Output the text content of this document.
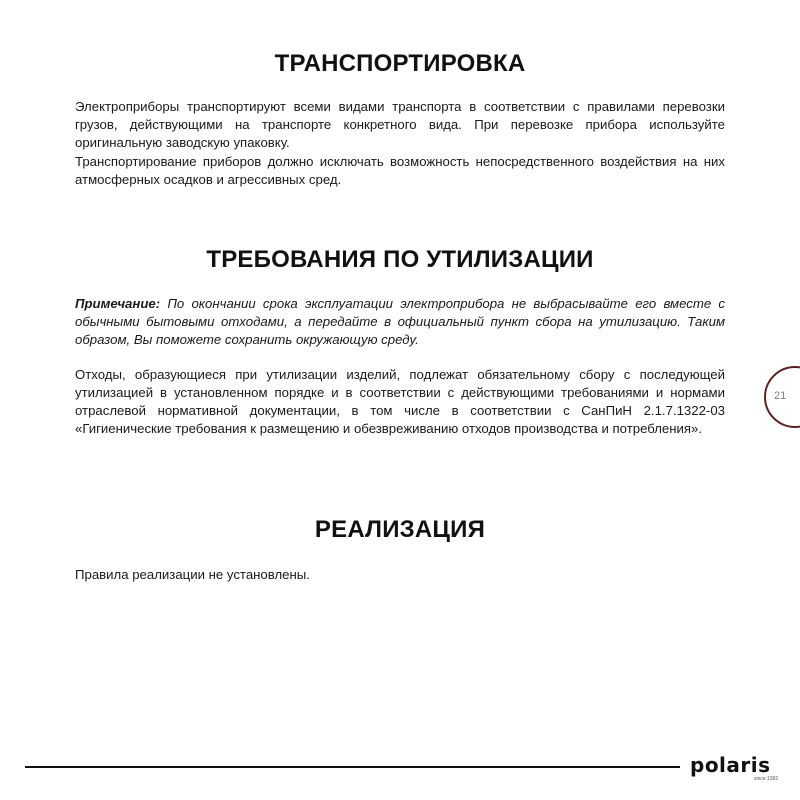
ТРАНСПОРТИРОВКА

Электроприборы транспортируют всеми видами транспорта в соответствии с правилами перевозки грузов, действующими на транспорте конкретного вида. При перевозке прибора используйте оригинальную заводскую упаковку.

Транспортирование приборов должно исключать возможность непосредственного воздействия на них атмосферных осадков и агрессивных сред.

ТРЕБОВАНИЯ ПО УТИЛИЗАЦИИ

Примечание: По окончании срока эксплуатации электроприбора не выбрасывайте его вместе с обычными бытовыми отходами, а передайте в официальный пункт сбора на утилизацию. Таким образом, Вы поможете сохранить окружающую среду.

Отходы, образующиеся при утилизации изделий, подлежат обязательному сбору с последующей утилизацией в установленном порядке и в соответствии с действующими требованиями и нормами отраслевой нормативной документации, в том числе в соответствии с СанПиН 2.1.7.1322-03 «Гигиенические требования к размещению и обезвреживанию отходов производства и потребления».

РЕАЛИЗАЦИЯ

Правила реализации не установлены.

21
polaris
since 1992
